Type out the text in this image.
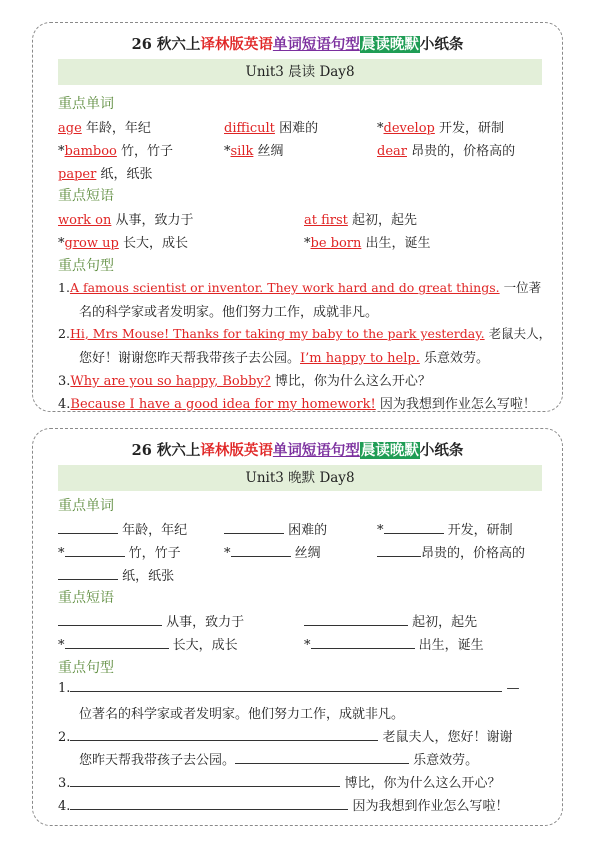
26 秋六上译林版英语单词短语句型晨读晚默小纸条
Unit3 晨读 Day8
重点单词
age 年龄，年纪	difficult 困难的	*develop 开发，研制
*bamboo 竹，竹子	*silk 丝绸	dear 昂贵的，价格高的
paper 纸，纸张
重点短语
work on 从事，致力于	at first 起初，起先
*grow up 长大，成长	*be born 出生，诞生
重点句型
1.A famous scientist or inventor. They work hard and do great things. 一位著
名的科学家或者发明家。他们努力工作，成就非凡。
2.Hi, Mrs Mouse! Thanks for taking my baby to the park yesterday. 老鼠夫人，
您好！谢谢您昨天帮我带孩子去公园。I’m happy to help. 乐意效劳。
3.Why are you so happy, Bobby? 博比，你为什么这么开心？
4.Because I have a good idea for my homework! 因为我想到作业怎么写啦！
26 秋六上译林版英语单词短语句型晨读晚默小纸条
Unit3 晚默 Day8
重点单词
年龄，年纪	困难的	*	开发，研制
*	竹，竹子	*	丝绸	昂贵的，价格高的
纸，纸张
重点短语
从事，致力于	起初，起先
*	长大，成长	*	出生，诞生
重点句型
1.	—
位著名的科学家或者发明家。他们努力工作，成就非凡。
2.	老鼠夫人，您好！谢谢
您昨天帮我带孩子去公园。	乐意效劳。
3.	博比，你为什么这么开心？
4.	因为我想到作业怎么写啦！
